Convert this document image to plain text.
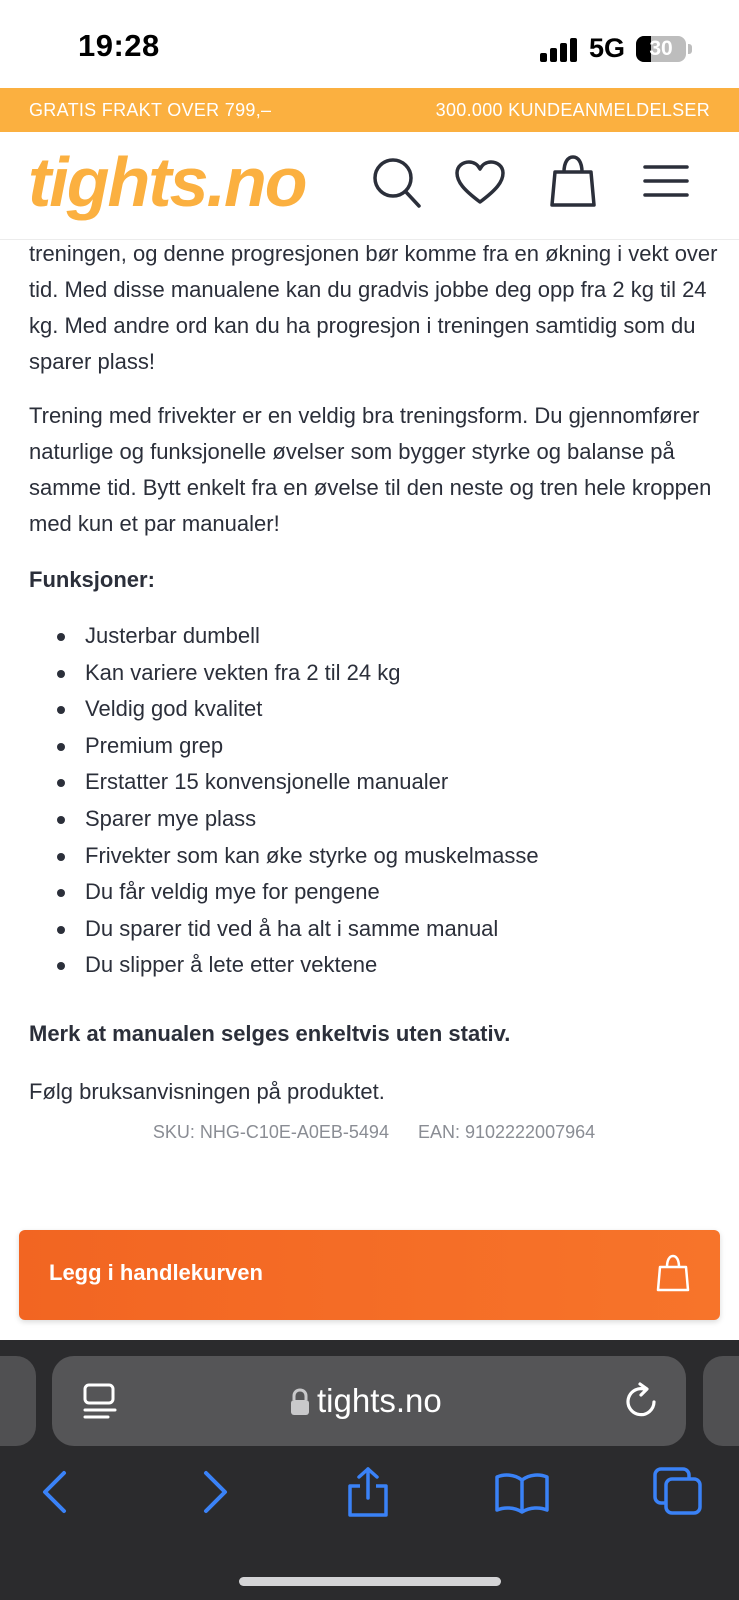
19:28	5G	30
GRATIS FRAKT OVER 799,–	300.000 KUNDEANMELDELSER
tights.no

treningen, og denne progresjonen bør komme fra en økning i vekt over tid. Med disse manualene kan du gradvis jobbe deg opp fra 2 kg til 24 kg. Med andre ord kan du ha progresjon i treningen samtidig som du sparer plass!

Trening med frivekter er en veldig bra treningsform. Du gjennomfører naturlige og funksjonelle øvelser som bygger styrke og balanse på samme tid. Bytt enkelt fra en øvelse til den neste og tren hele kroppen med kun et par manualer!

Funksjoner:

Justerbar dumbell
Kan variere vekten fra 2 til 24 kg
Veldig god kvalitet
Premium grep
Erstatter 15 konvensjonelle manualer
Sparer mye plass
Frivekter som kan øke styrke og muskelmasse
Du får veldig mye for pengene
Du sparer tid ved å ha alt i samme manual
Du slipper å lete etter vektene

Merk at manualen selges enkeltvis uten stativ.

Følg bruksanvisningen på produktet.

SKU: NHG-C10E-A0EB-5494 EAN: 9102222007964
Legg i handlekurven
tights.no
